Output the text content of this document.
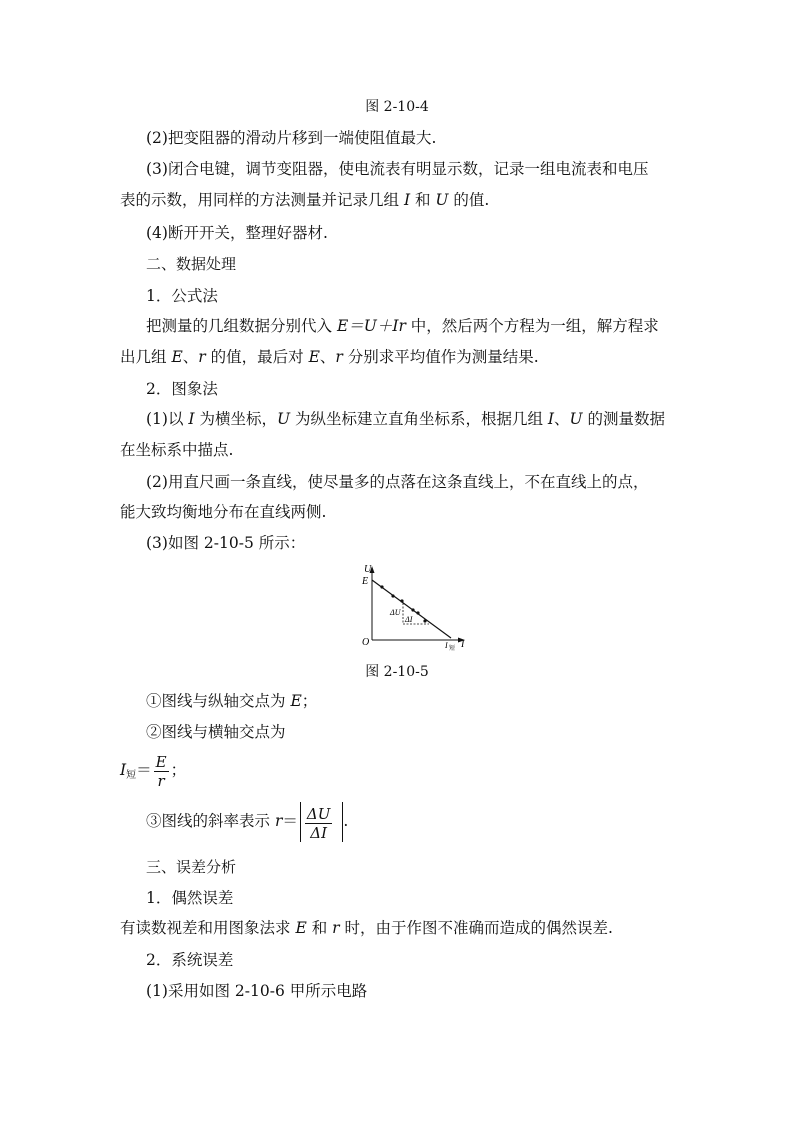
图 2-10-4
(2)把变阻器的滑动片移到一端使阻值最大.
(3)闭合电键，调节变阻器，使电流表有明显示数，记录一组电流表和电压
表的示数，用同样的方法测量并记录几组 I 和 U 的值.
(4)断开开关，整理好器材.
二、数据处理
1．公式法
把测量的几组数据分别代入 E＝U＋Ir 中，然后两个方程为一组，解方程求
出几组 E、r 的值，最后对 E、r 分别求平均值作为测量结果.
2．图象法
(1)以 I 为横坐标，U 为纵坐标建立直角坐标系，根据几组 I、U 的测量数据
在坐标系中描点.
(2)用直尺画一条直线，使尽量多的点落在这条直线上，不在直线上的点，
能大致均衡地分布在直线两侧.
(3)如图 2-10-5 所示：
U
E
O	I
ΔU
ΔI
I 短
图 2-10-5
①图线与纵轴交点为 E；
②图线与横轴交点为
$I_短= \frac{E}{r}$ ；
③图线的斜率表示 $r= \frac{\Delta U}{\Delta I}$ .
三、误差分析
1．偶然误差
有读数视差和用图象法求 E 和 r 时，由于作图不准确而造成的偶然误差.
2．系统误差
(1)采用如图 2-10-6 甲所示电路
